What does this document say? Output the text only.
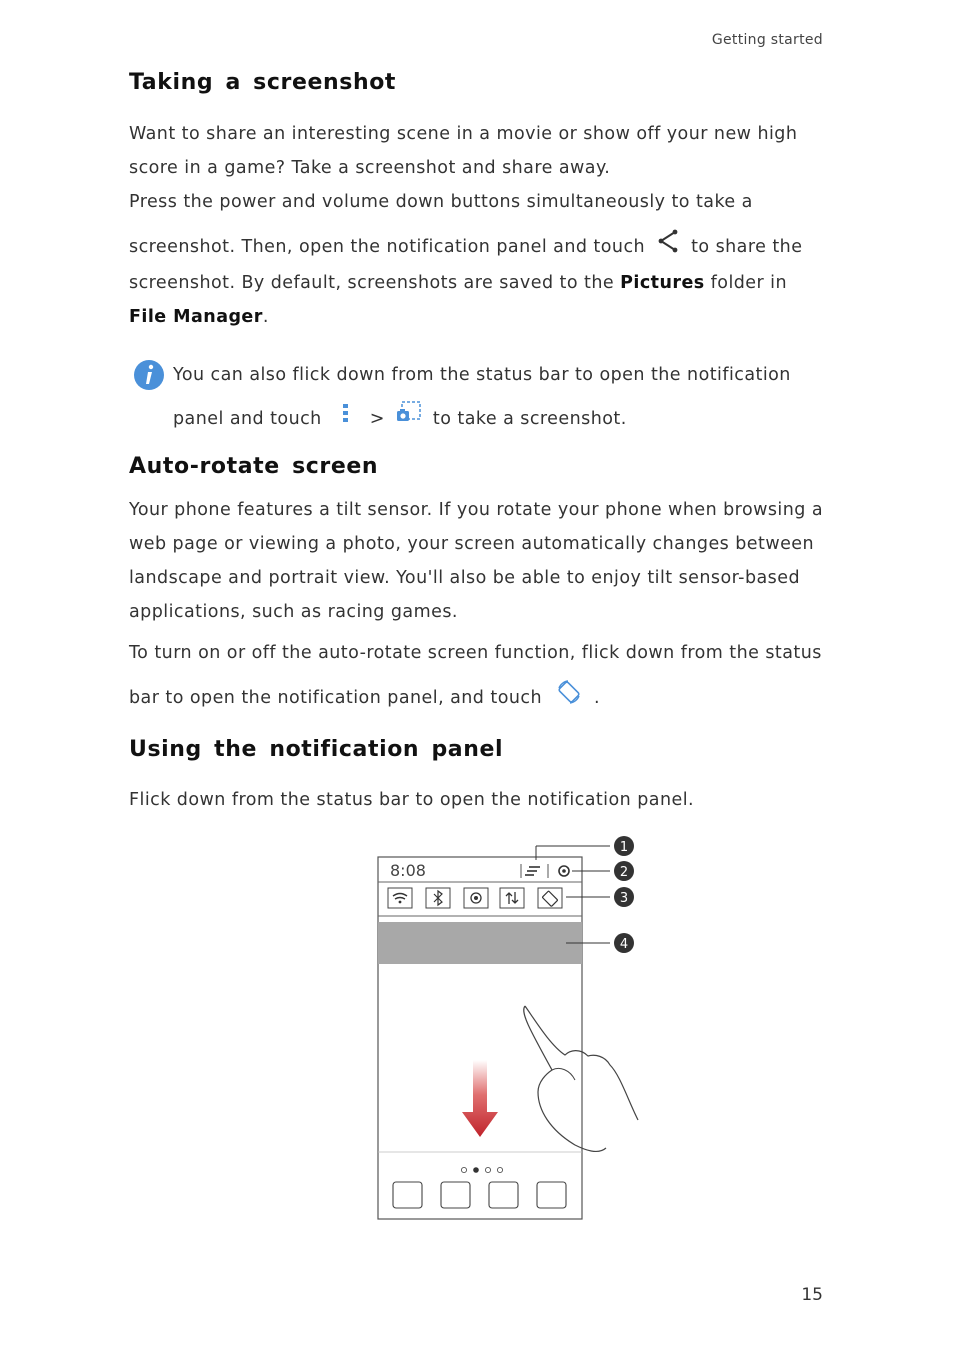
Getting started
Taking a screenshot

Want to share an interesting scene in a movie or show off your new high score in a game? Take a screenshot and share away.

Press the power and volume down buttons simultaneously to take a

screenshot. Then, open the notification panel and touch	to share the screenshot. By default, screenshots are saved to the Pictures folder in File Manager.

You can also flick down from the status bar to open the notification panel and touch	>	to take a screenshot.

Auto-rotate screen

Your phone features a tilt sensor. If you rotate your phone when browsing a web page or viewing a photo, your screen automatically changes between landscape and portrait view. You'll also be able to enjoy tilt sensor-based applications, such as racing games.

To turn on or off the auto-rotate screen function, flick down from the status

bar to open the notification panel, and touch	.

Using the notification panel

Flick down from the status bar to open the notification panel.

8:08
1
2
3
4
15
